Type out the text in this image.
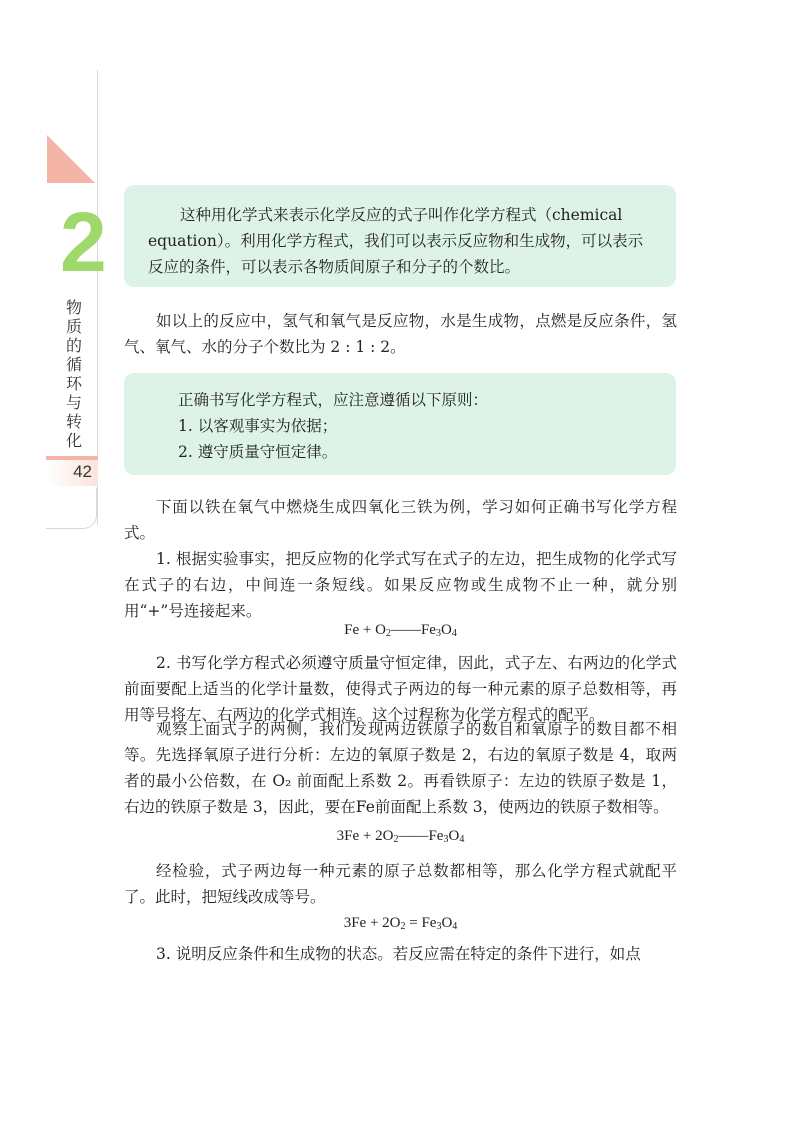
2
物质的循环与转化
42

这种用化学式来表示化学反应的式子叫作化学方程式（chemical

equation）。利用化学方程式，我们可以表示反应物和生成物，可以表示

反应的条件，可以表示各物质间原子和分子的个数比。

如以上的反应中，氢气和氧气是反应物，水是生成物，点燃是反应条件，氢气、氧气、水的分子个数比为 2 : 1 : 2。

正确书写化学方程式，应注意遵循以下原则：

1. 以客观事实为依据；

2. 遵守质量守恒定律。

下面以铁在氧气中燃烧生成四氧化三铁为例，学习如何正确书写化学方程式。

1. 根据实验事实，把反应物的化学式写在式子的左边，把生成物的化学式写在式子的右边，中间连一条短线。如果反应物或生成物不止一种，就分别用“+”号连接起来。

$Fe + O_2——Fe_3O_4$

2. 书写化学方程式必须遵守质量守恒定律，因此，式子左、右两边的化学式前面要配上适当的化学计量数，使得式子两边的每一种元素的原子总数相等，再用等号将左、右两边的化学式相连。这个过程称为化学方程式的配平。

观察上面式子的两侧，我们发现两边铁原子的数目和氧原子的数目都不相等。先选择氧原子进行分析：左边的氧原子数是 2，右边的氧原子数是 4，取两者的最小公倍数，在 O₂ 前面配上系数 2。再看铁原子：左边的铁原子数是 1，右边的铁原子数是 3，因此，要在Fe前面配上系数 3，使两边的铁原子数相等。

$3Fe + 2O_2——Fe_3O_4$

经检验，式子两边每一种元素的原子总数都相等，那么化学方程式就配平了。此时，把短线改成等号。

$3Fe + 2O_2 = Fe_3O_4$

3. 说明反应条件和生成物的状态。若反应需在特定的条件下进行，如点
